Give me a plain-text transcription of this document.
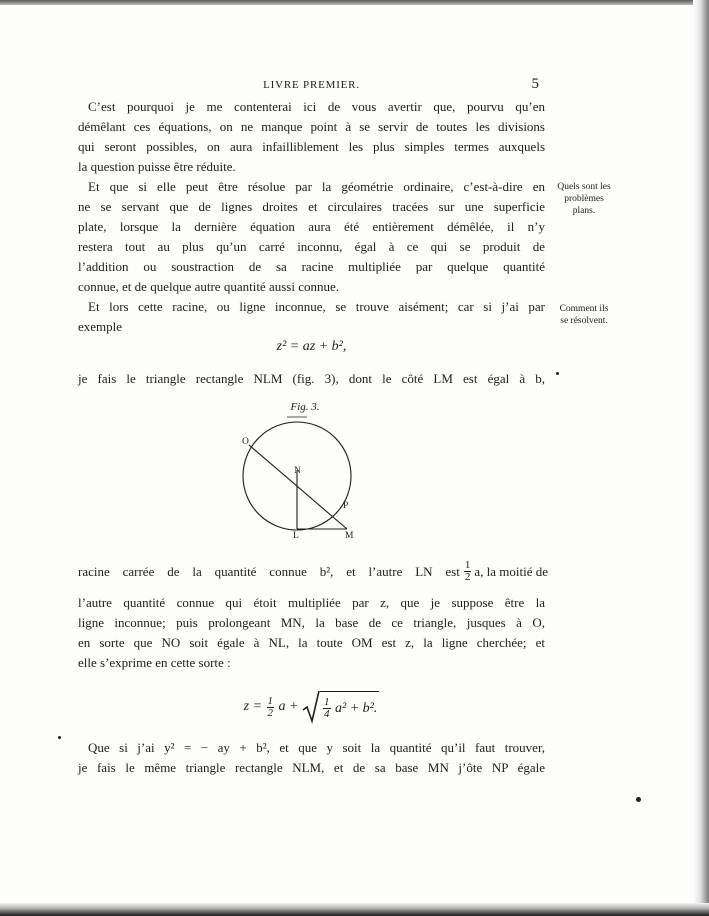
LIVRE PREMIER.	5
C’est pourquoi je me contenterai ici de vous avertir que, pourvu qu’en
démêlant ces équations, on ne manque point à se servir de toutes les divisions
qui seront possibles, on aura infailliblement les plus simples termes auxquels
la question puisse être réduite.
Et que si elle peut être résolue par la géométrie ordinaire, c’est-à-dire en
ne se servant que de lignes droites et circulaires tracées sur une superficie
plate, lorsque la dernière équation aura été entièrement démêlée, il n’y
restera tout au plus qu’un carré inconnu, égal à ce qui se produit de
l’addition ou soustraction de sa racine multipliée par quelque quantité
connue, et de quelque autre quantité aussi connue.
Et lors cette racine, ou ligne inconnue, se trouve aisément; car si j’ai par
exemple
z² = az + b²,
je fais le triangle rectangle NLM (fig. 3), dont le côté LM est égal à b,
Quels sont les
problèmes
plans.
Comment ils
se résolvent.
Fig. 3.
O
N
P
L	M
racine carrée de la quantité connue b², et l’autre LN est $\frac{1}{2} a$, la moitié de
l’autre quantité connue qui étoit multipliée par z, que je suppose être la
ligne inconnue; puis prolongeant MN, la base de ce triangle, jusques à O,
en sorte que NO soit égale à NL, la toute OM est z, la ligne cherchée; et
elle s’exprime en cette sorte :
$z = \frac{1}{2}$ $a + \frac{1}{4} a^2 + b^2$.
Que si j’ai y² = − ay + b², et que y soit la quantité qu’il faut trouver,
je fais le même triangle rectangle NLM, et de sa base MN j’ôte NP égale
